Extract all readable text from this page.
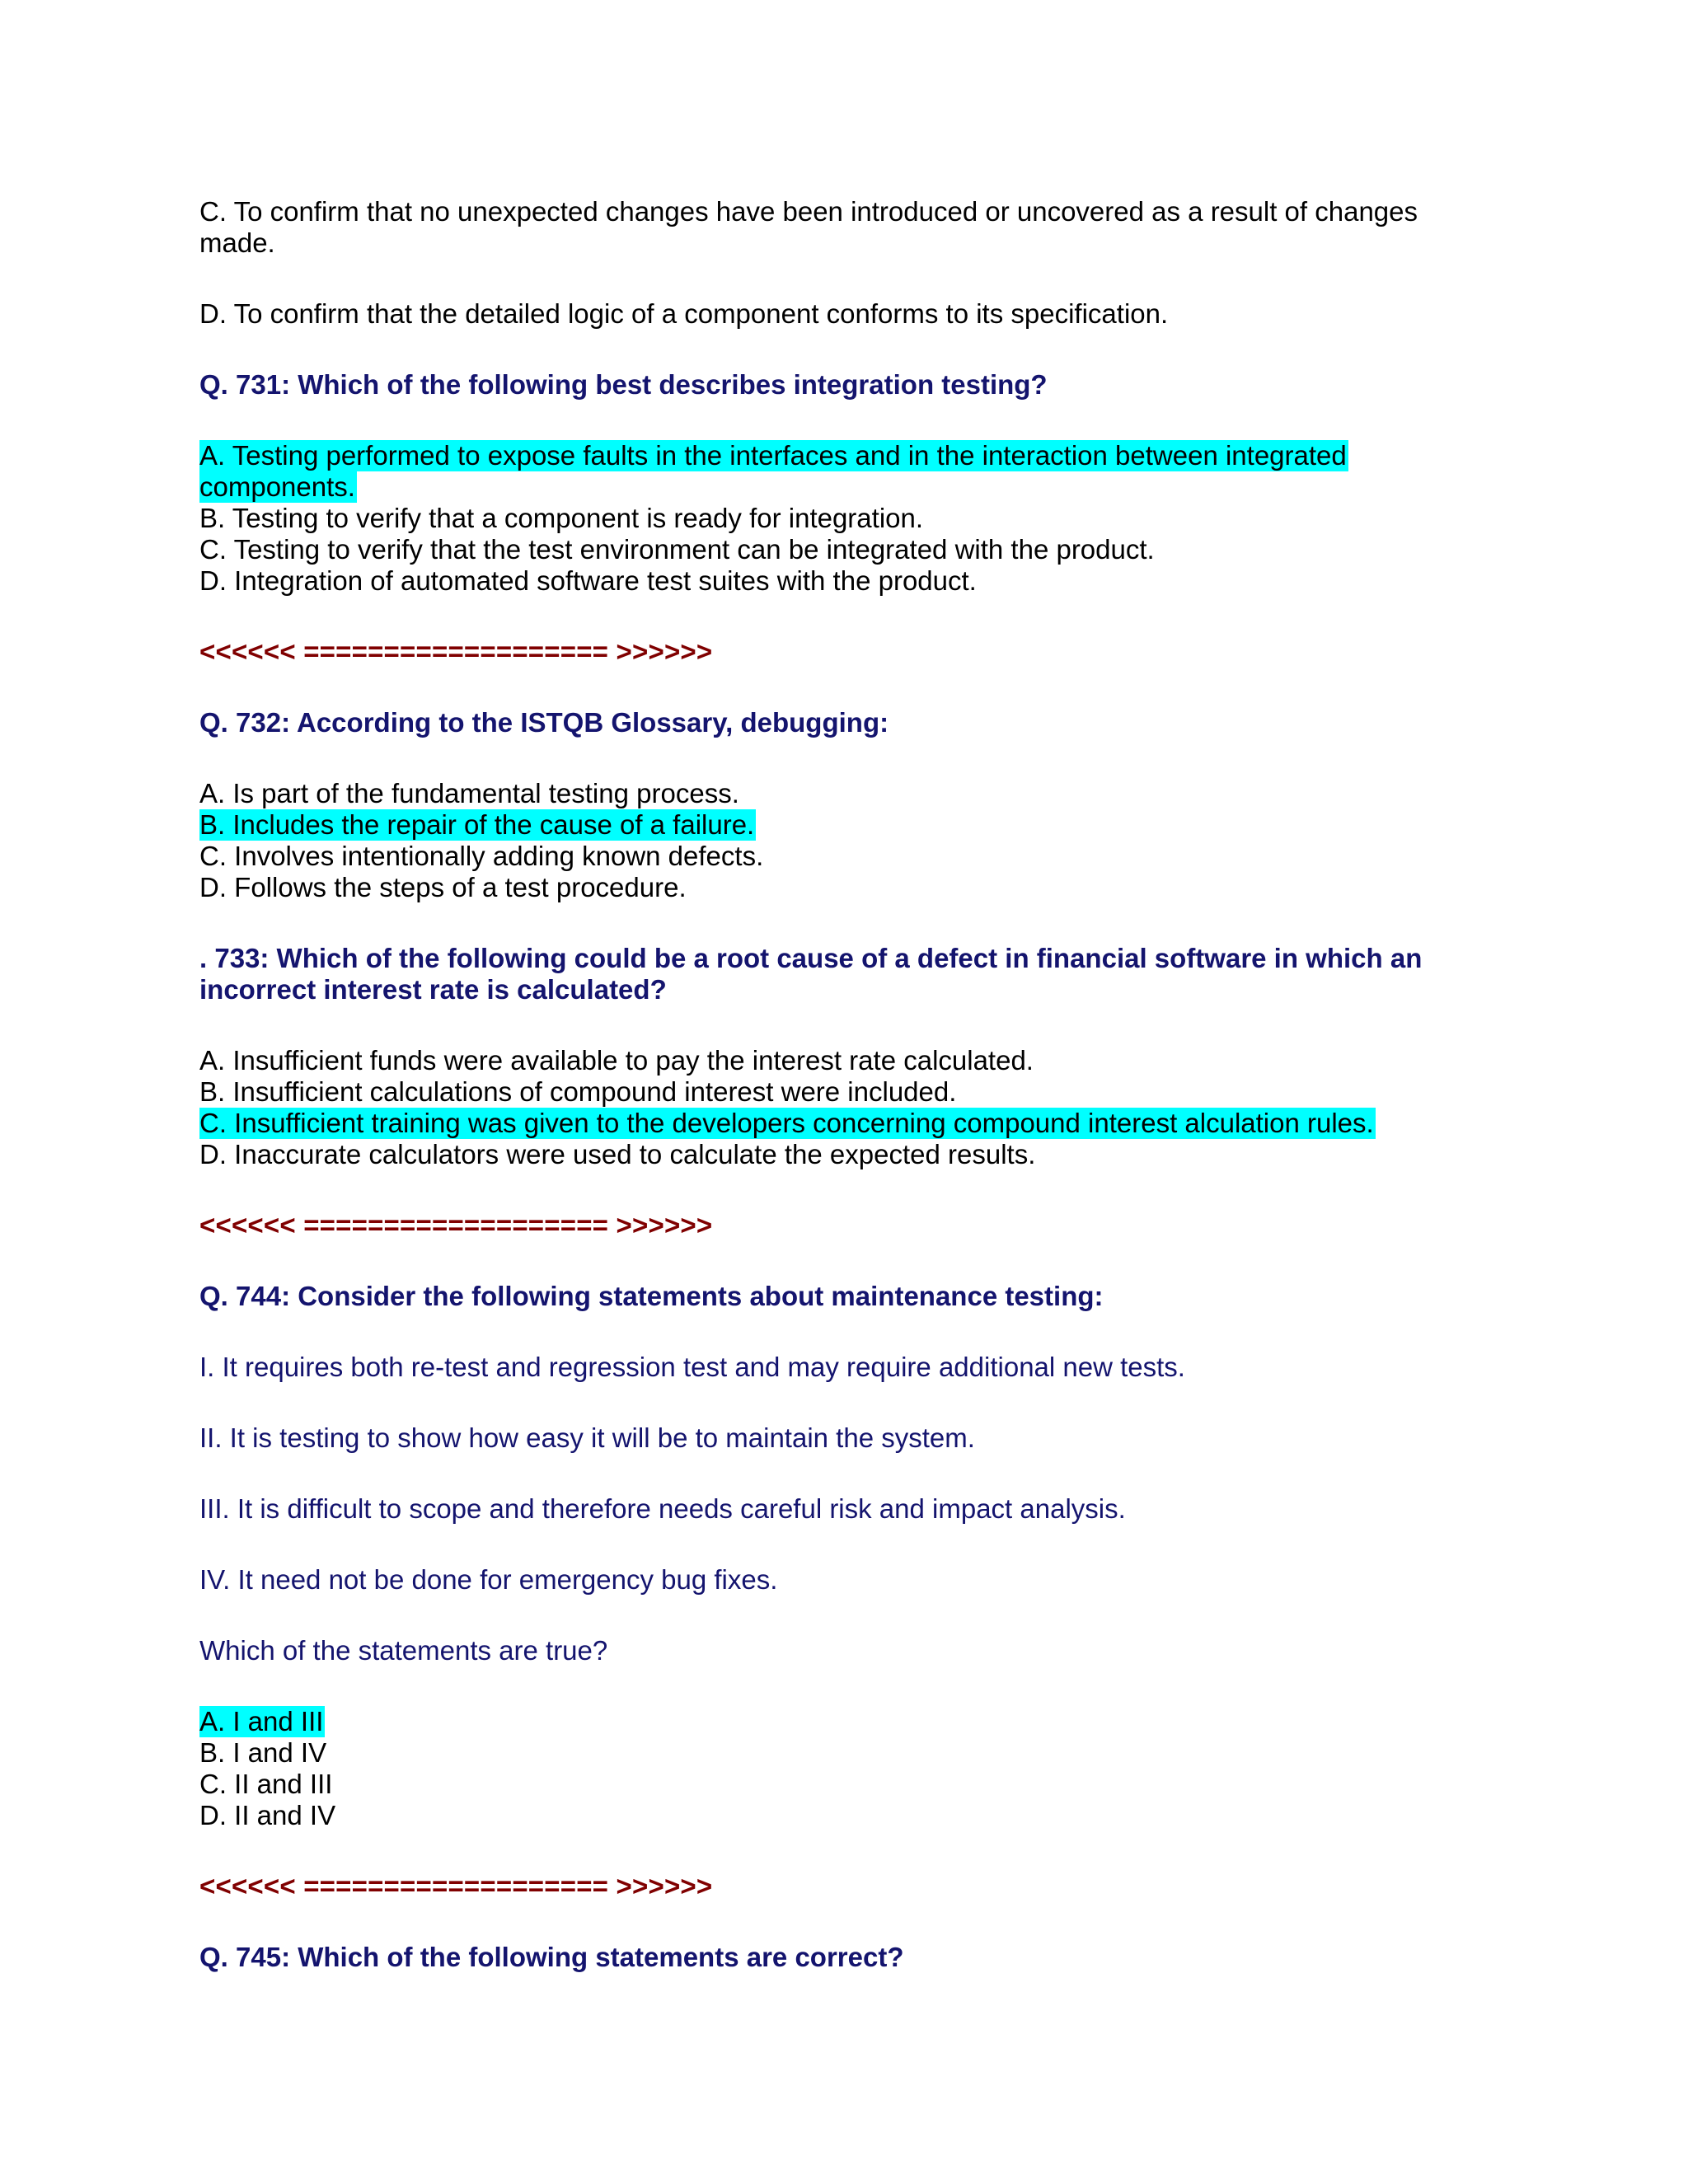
C. To confirm that no unexpected changes have been introduced or uncovered as a result of changes
made.
D. To confirm that the detailed logic of a component conforms to its specification.
Q. 731: Which of the following best describes integration testing?
A. Testing performed to expose faults in the interfaces and in the interaction between integrated
components.
B. Testing to verify that a component is ready for integration.
C. Testing to verify that the test environment can be integrated with the product.
D. Integration of automated software test suites with the product.
<<<<<< =================== >>>>>>
Q. 732: According to the ISTQB Glossary, debugging:
A. Is part of the fundamental testing process.
B. Includes the repair of the cause of a failure.
C. Involves intentionally adding known defects.
D. Follows the steps of a test procedure.
. 733: Which of the following could be a root cause of a defect in financial software in which an
incorrect interest rate is calculated?
A. Insufficient funds were available to pay the interest rate calculated.
B. Insufficient calculations of compound interest were included.
C. Insufficient training was given to the developers concerning compound interest alculation rules.
D. Inaccurate calculators were used to calculate the expected results.
<<<<<< =================== >>>>>>
Q. 744: Consider the following statements about maintenance testing:
I. It requires both re-test and regression test and may require additional new tests.
II. It is testing to show how easy it will be to maintain the system.
III. It is difficult to scope and therefore needs careful risk and impact analysis.
IV. It need not be done for emergency bug fixes.
Which of the statements are true?
A. I and III
B. I and IV
C. II and III
D. II and IV
<<<<<< =================== >>>>>>
Q. 745: Which of the following statements are correct?
